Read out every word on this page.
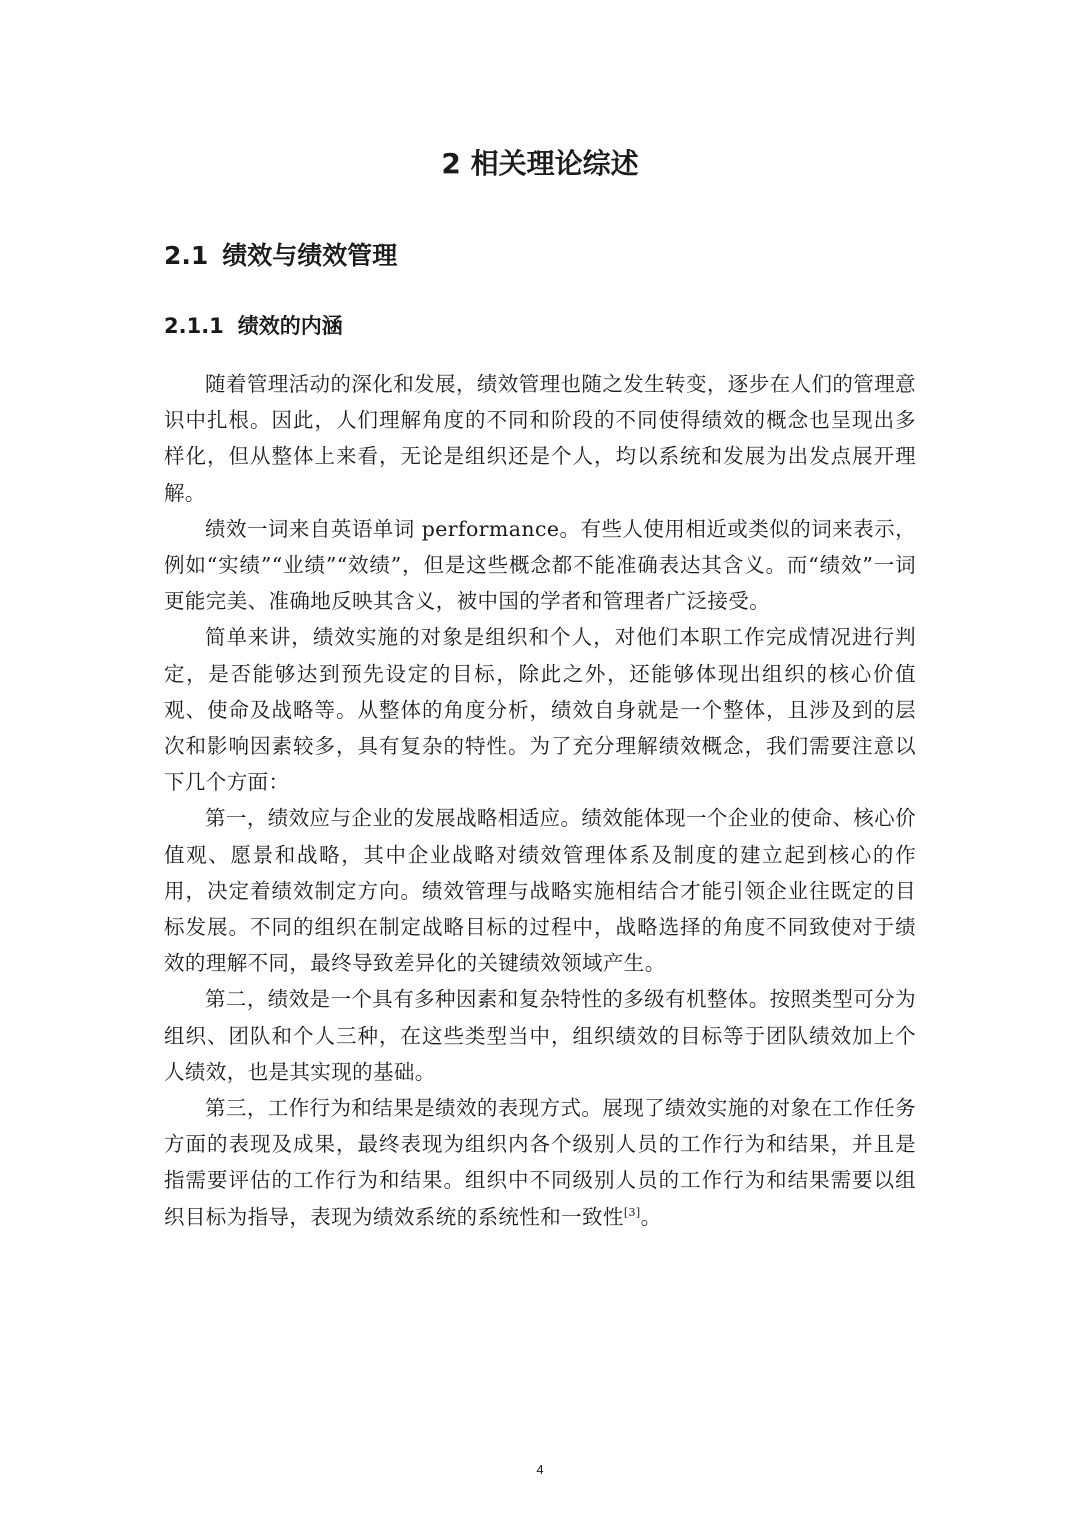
2 相关理论综述
2.1 绩效与绩效管理
2.1.1 绩效的内涵

随着管理活动的深化和发展，绩效管理也随之发生转变，逐步在人们的管理意识中扎根。因此，人们理解角度的不同和阶段的不同使得绩效的概念也呈现出多样化，但从整体上来看，无论是组织还是个人，均以系统和发展为出发点展开理解。

绩效一词来自英语单词 performance。有些人使用相近或类似的词来表示，例如“实绩”“业绩”“效绩”，但是这些概念都不能准确表达其含义。而“绩效”一词更能完美、准确地反映其含义，被中国的学者和管理者广泛接受。

简单来讲，绩效实施的对象是组织和个人，对他们本职工作完成情况进行判定，是否能够达到预先设定的目标，除此之外，还能够体现出组织的核心价值观、使命及战略等。从整体的角度分析，绩效自身就是一个整体，且涉及到的层次和影响因素较多，具有复杂的特性。为了充分理解绩效概念，我们需要注意以下几个方面：

第一，绩效应与企业的发展战略相适应。绩效能体现一个企业的使命、核心价值观、愿景和战略，其中企业战略对绩效管理体系及制度的建立起到核心的作用，决定着绩效制定方向。绩效管理与战略实施相结合才能引领企业往既定的目标发展。不同的组织在制定战略目标的过程中，战略选择的角度不同致使对于绩效的理解不同，最终导致差异化的关键绩效领域产生。

第二，绩效是一个具有多种因素和复杂特性的多级有机整体。按照类型可分为组织、团队和个人三种，在这些类型当中，组织绩效的目标等于团队绩效加上个人绩效，也是其实现的基础。

第三，工作行为和结果是绩效的表现方式。展现了绩效实施的对象在工作任务方面的表现及成果，最终表现为组织内各个级别人员的工作行为和结果，并且是指需要评估的工作行为和结果。组织中不同级别人员的工作行为和结果需要以组织目标为指导，表现为绩效系统的系统性和一致性[3]。

4
